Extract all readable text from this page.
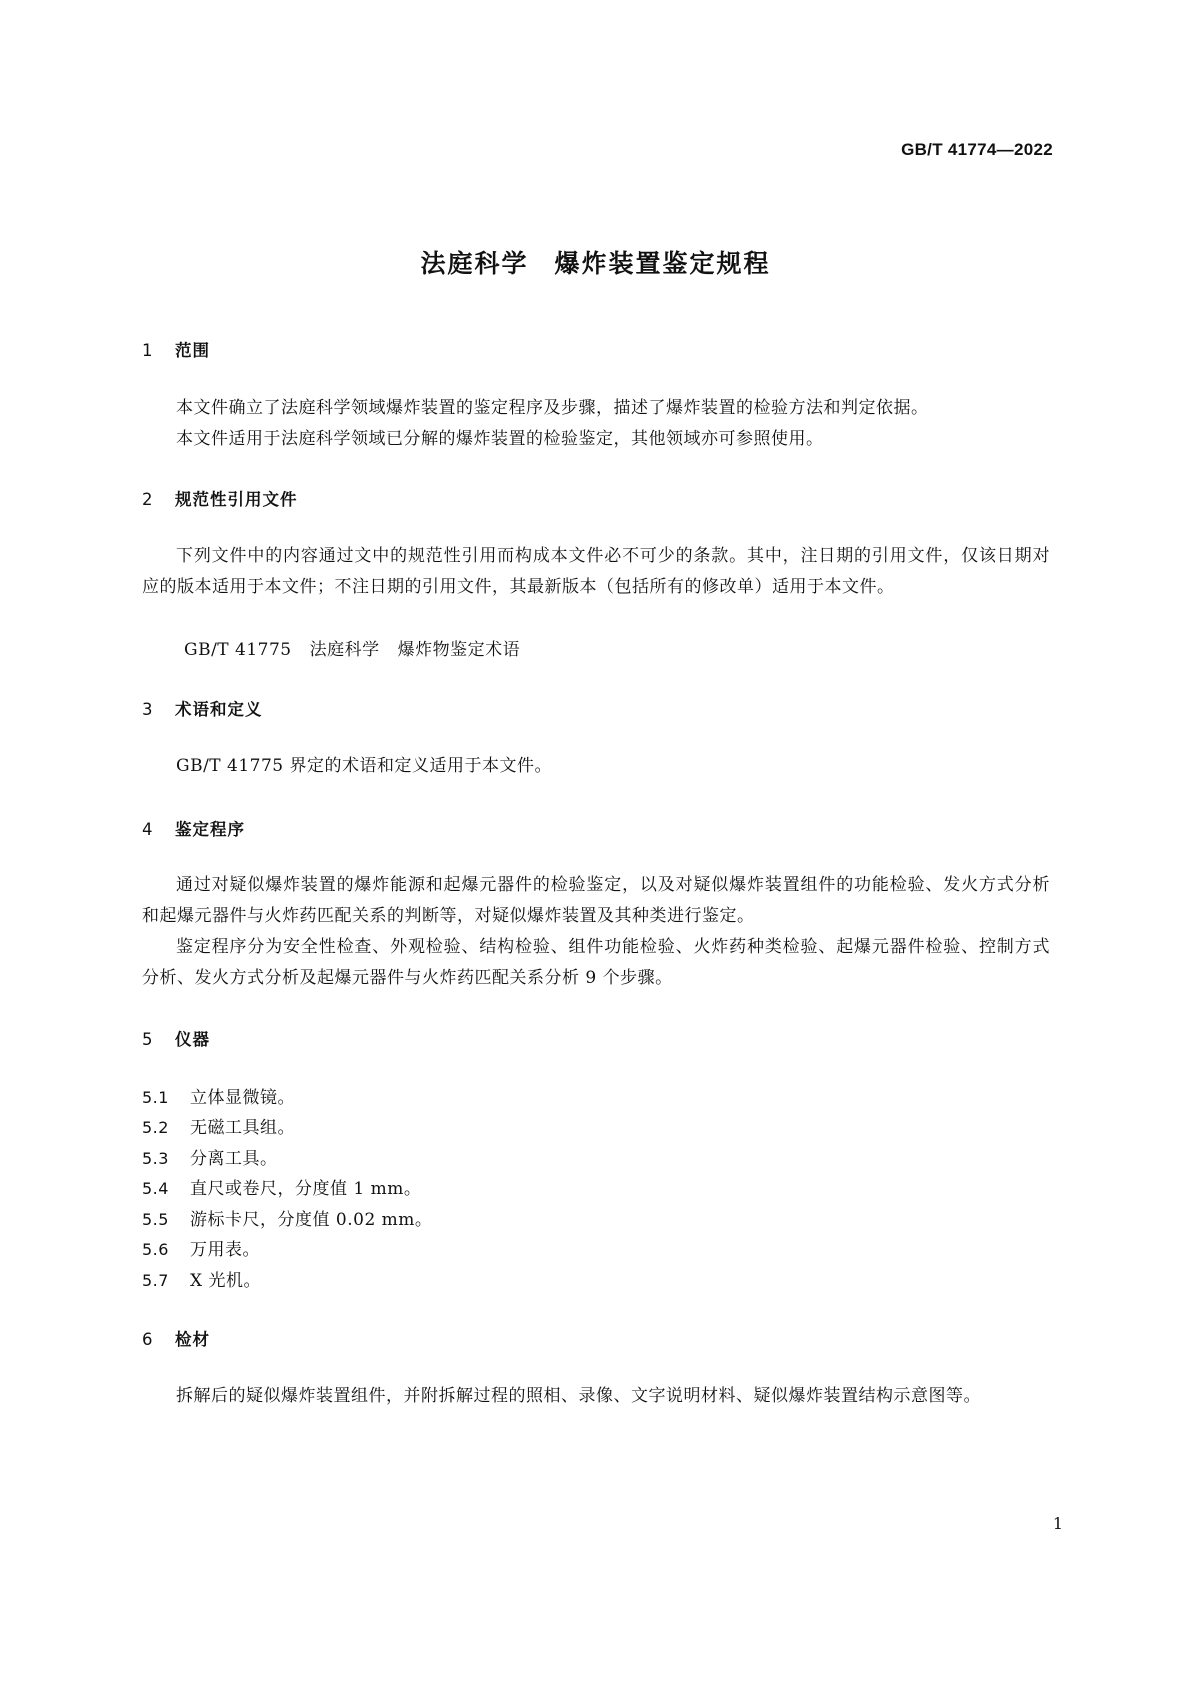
GB/T 41774—2022
法庭科学 爆炸装置鉴定规程
1 范围
本文件确立了法庭科学领域爆炸装置的鉴定程序及步骤，描述了爆炸装置的检验方法和判定依据。
本文件适用于法庭科学领域已分解的爆炸装置的检验鉴定，其他领域亦可参照使用。
2 规范性引用文件
下列文件中的内容通过文中的规范性引用而构成本文件必不可少的条款。其中，注日期的引用文件，仅该日期对应的版本适用于本文件；不注日期的引用文件，其最新版本（包括所有的修改单）适用于本文件。
GB/T 41775 法庭科学 爆炸物鉴定术语
3 术语和定义
GB/T 41775 界定的术语和定义适用于本文件。
4 鉴定程序
通过对疑似爆炸装置的爆炸能源和起爆元器件的检验鉴定，以及对疑似爆炸装置组件的功能检验、发火方式分析和起爆元器件与火炸药匹配关系的判断等，对疑似爆炸装置及其种类进行鉴定。
鉴定程序分为安全性检查、外观检验、结构检验、组件功能检验、火炸药种类检验、起爆元器件检验、控制方式分析、发火方式分析及起爆元器件与火炸药匹配关系分析 9 个步骤。
5 仪器
5.1 立体显微镜。
5.2 无磁工具组。
5.3 分离工具。
5.4 直尺或卷尺，分度值 1 mm。
5.5 游标卡尺，分度值 0.02 mm。
5.6 万用表。
5.7 X 光机。
6 检材
拆解后的疑似爆炸装置组件，并附拆解过程的照相、录像、文字说明材料、疑似爆炸装置结构示意图等。
1
